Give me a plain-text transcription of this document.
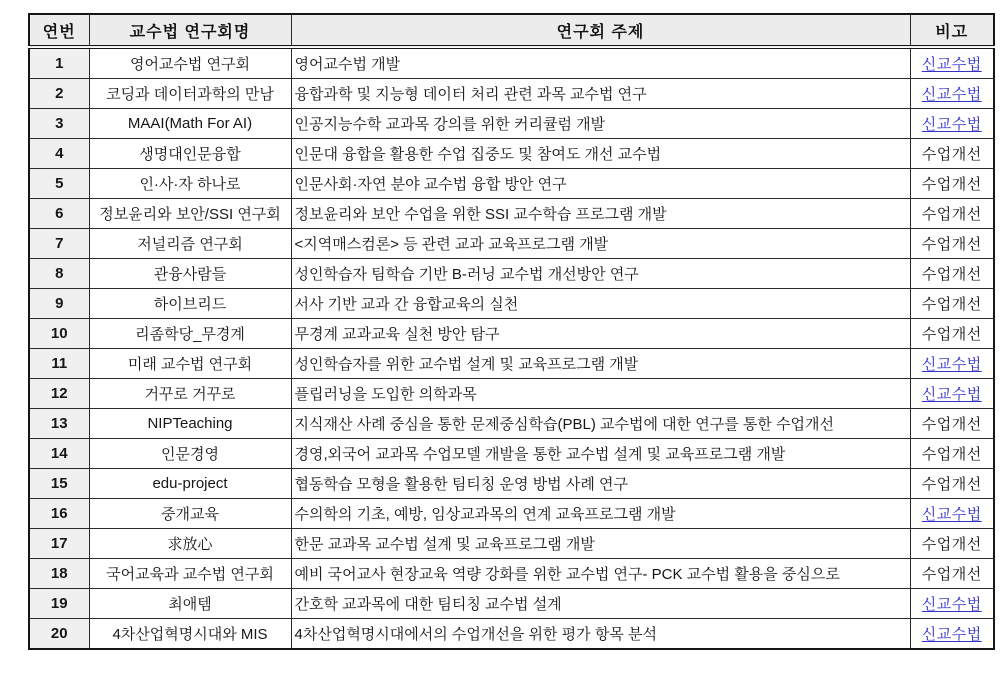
연번	교수법 연구회명	연구회 주제	비고
1	영어교수법 연구회	영어교수법 개발	신교수법
2	코딩과 데이터과학의 만남	융합과학 및 지능형 데이터 처리 관련 과목 교수법 연구	신교수법
3	MAAI(Math For AI)	인공지능수학 교과목 강의를 위한 커리큘럼 개발	신교수법
4	생명대인문융합	인문대 융합을 활용한 수업 집중도 및 참여도 개선 교수법	수업개선
5	인·사·자 하나로	인문사회·자연 분야 교수법 융합 방안 연구	수업개선
6	정보윤리와 보안/SSI 연구회	정보윤리와 보안 수업을 위한 SSI 교수학습 프로그램 개발	수업개선
7	저널리즘 연구회	<지역매스컴론> 등 관련 교과 교육프로그램 개발	수업개선
8	관융사람들	성인학습자 팀학습 기반 B-러닝 교수법 개선방안 연구	수업개선
9	하이브리드	서사 기반 교과 간 융합교육의 실천	수업개선
10	리좀학당_무경계	무경계 교과교육 실천 방안 탐구	수업개선
11	미래 교수법 연구회	성인학습자를 위한 교수법 설계 및 교육프로그램 개발	신교수법
12	거꾸로 거꾸로	플립러닝을 도입한 의학과목	신교수법
13	NIPTeaching	지식재산 사례 중심을 통한 문제중심학습(PBL) 교수법에 대한 연구를 통한 수업개선	수업개선
14	인문경영	경영,외국어 교과목 수업모델 개발을 통한 교수법 설계 및 교육프로그램 개발	수업개선
15	edu-project	협동학습 모형을 활용한 팀티칭 운영 방법 사례 연구	수업개선
16	중개교육	수의학의 기초, 예방, 임상교과목의 연계 교육프로그램 개발	신교수법
17	求放心	한문 교과목 교수법 설계 및 교육프로그램 개발	수업개선
18	국어교육과 교수법 연구회	예비 국어교사 현장교육 역량 강화를 위한 교수법 연구- PCK 교수법 활용을 중심으로	수업개선
19	최애템	간호학 교과목에 대한 팀티칭 교수법 설계	신교수법
20	4차산업혁명시대와 MIS	4차산업혁명시대에서의 수업개선을 위한 평가 항목 분석	신교수법
